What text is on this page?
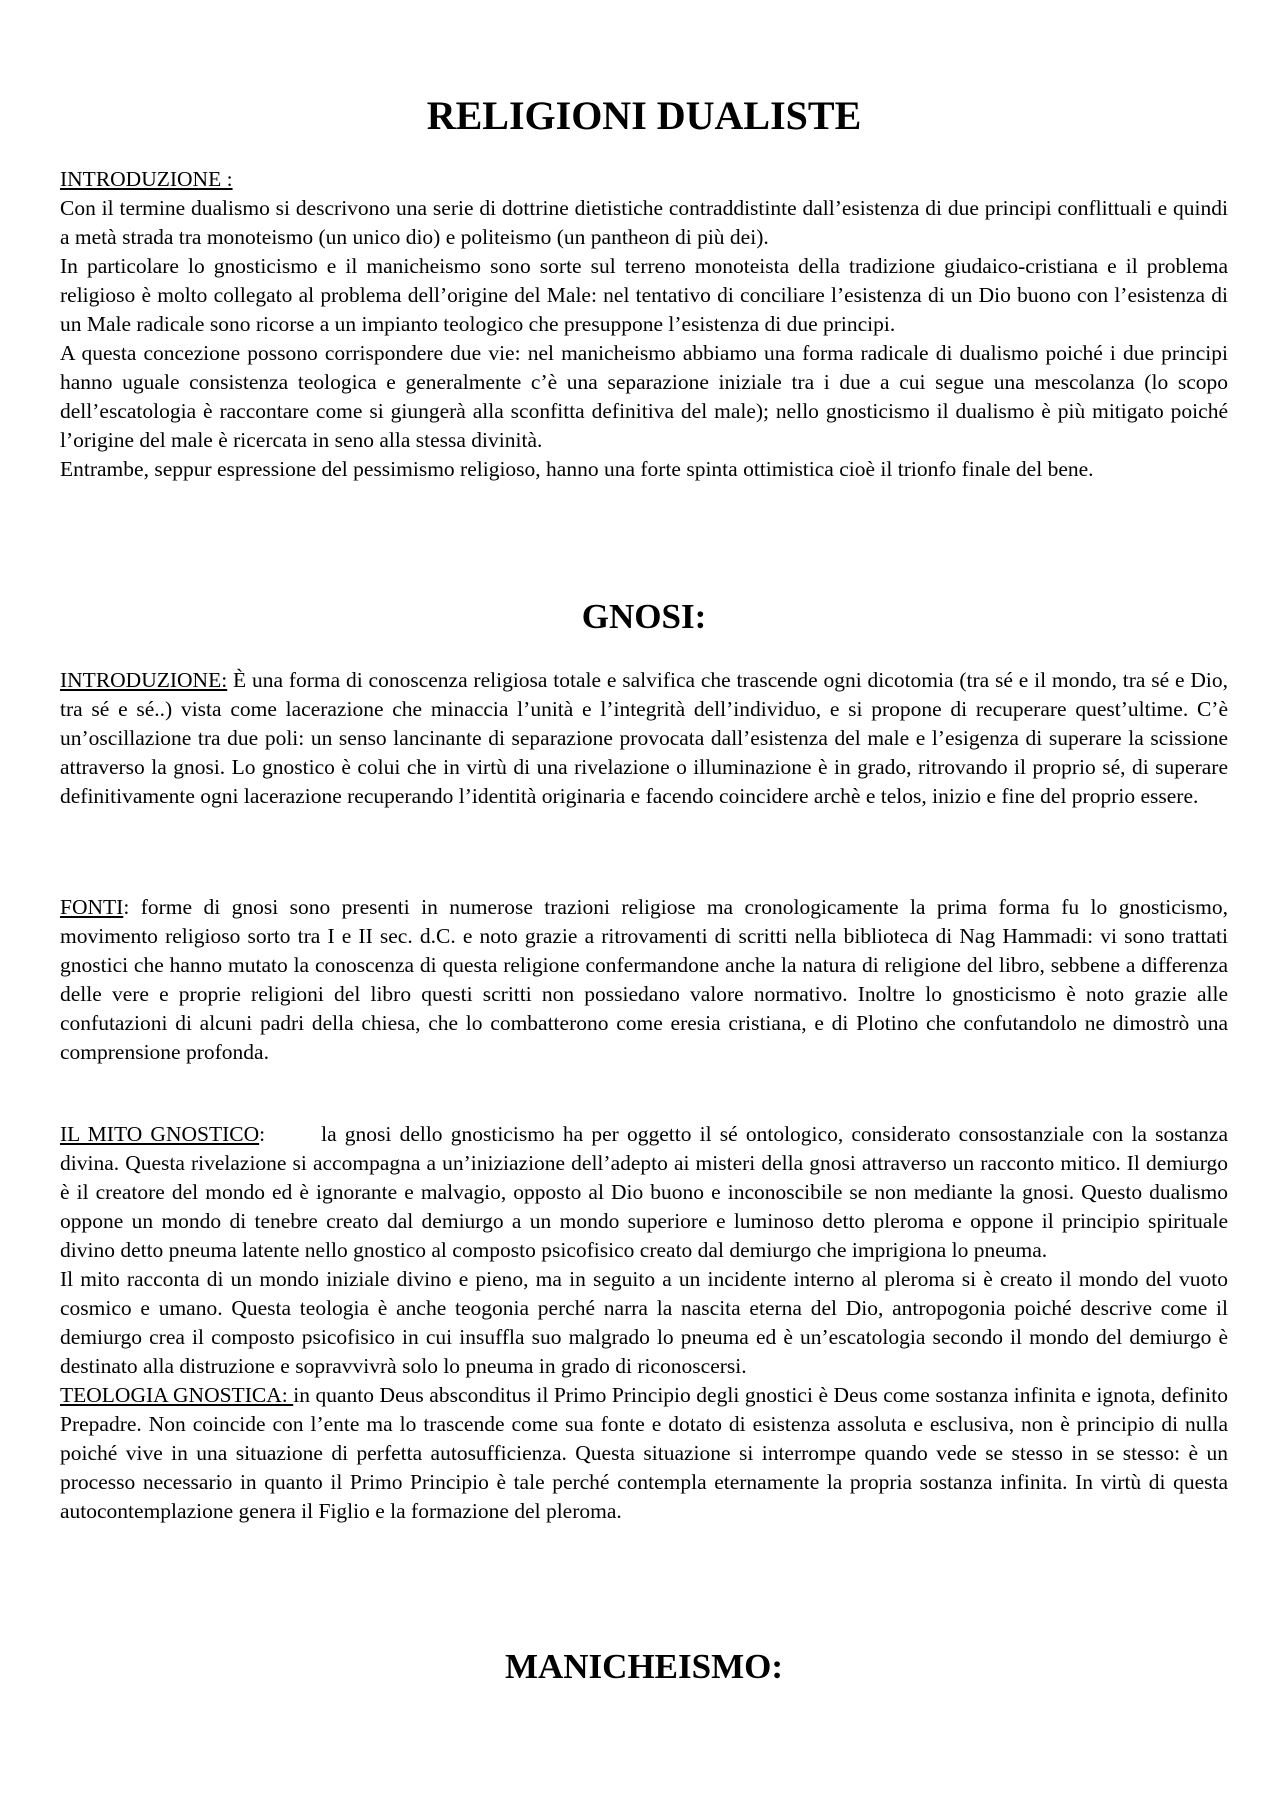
RELIGIONI DUALISTE

INTRODUZIONE :

Con il termine dualismo si descrivono una serie di dottrine dietistiche contraddistinte dall’esistenza di due principi conflittuali e quindi a metà strada tra monoteismo (un unico dio) e politeismo (un pantheon di più dei).

In particolare lo gnosticismo e il manicheismo sono sorte sul terreno monoteista della tradizione giudaico-cristiana e il problema religioso è molto collegato al problema dell’origine del Male: nel tentativo di conciliare l’esistenza di un Dio buono con l’esistenza di un Male radicale sono ricorse a un impianto teologico che presuppone l’esistenza di due principi.

A questa concezione possono corrispondere due vie: nel manicheismo abbiamo una forma radicale di dualismo poiché i due principi hanno uguale consistenza teologica e generalmente c’è una separazione iniziale tra i due a cui segue una mescolanza (lo scopo dell’escatologia è raccontare come si giungerà alla sconfitta definitiva del male); nello gnosticismo il dualismo è più mitigato poiché l’origine del male è ricercata in seno alla stessa divinità.

Entrambe, seppur espressione del pessimismo religioso, hanno una forte spinta ottimistica cioè il trionfo finale del bene.

GNOSI:

INTRODUZIONE: È una forma di conoscenza religiosa totale e salvifica che trascende ogni dicotomia (tra sé e il mondo, tra sé e Dio, tra sé e sé..) vista come lacerazione che minaccia l’unità e l’integrità dell’individuo, e si propone di recuperare quest’ultime. C’è un’oscillazione tra due poli: un senso lancinante di separazione provocata dall’esistenza del male e l’esigenza di superare la scissione attraverso la gnosi. Lo gnostico è colui che in virtù di una rivelazione o illuminazione è in grado, ritrovando il proprio sé, di superare definitivamente ogni lacerazione recuperando l’identità originaria e facendo coincidere archè e telos, inizio e fine del proprio essere.

FONTI: forme di gnosi sono presenti in numerose trazioni religiose ma cronologicamente la prima forma fu lo gnosticismo, movimento religioso sorto tra I e II sec. d.C. e noto grazie a ritrovamenti di scritti nella biblioteca di Nag Hammadi: vi sono trattati gnostici che hanno mutato la conoscenza di questa religione confermandone anche la natura di religione del libro, sebbene a differenza delle vere e proprie religioni del libro questi scritti non possiedano valore normativo. Inoltre lo gnosticismo è noto grazie alle confutazioni di alcuni padri della chiesa, che lo combatterono come eresia cristiana, e di Plotino che confutandolo ne dimostrò una comprensione profonda.

IL MITO GNOSTICO:	la gnosi dello gnosticismo ha per oggetto il sé ontologico, considerato consostanziale con la sostanza divina. Questa rivelazione si accompagna a un’iniziazione dell’adepto ai misteri della gnosi attraverso un racconto mitico. Il demiurgo è il creatore del mondo ed è ignorante e malvagio, opposto al Dio buono e inconoscibile se non mediante la gnosi. Questo dualismo oppone un mondo di tenebre creato dal demiurgo a un mondo superiore e luminoso detto pleroma e oppone il principio spirituale divino detto pneuma latente nello gnostico al composto psicofisico creato dal demiurgo che imprigiona lo pneuma.

Il mito racconta di un mondo iniziale divino e pieno, ma in seguito a un incidente interno al pleroma si è creato il mondo del vuoto cosmico e umano. Questa teologia è anche teogonia perché narra la nascita eterna del Dio, antropogonia poiché descrive come il demiurgo crea il composto psicofisico in cui insuffla suo malgrado lo pneuma ed è un’escatologia secondo il mondo del demiurgo è destinato alla distruzione e sopravvivrà solo lo pneuma in grado di riconoscersi.

TEOLOGIA GNOSTICA: in quanto Deus absconditus il Primo Principio degli gnostici è Deus come sostanza infinita e ignota, definito Prepadre. Non coincide con l’ente ma lo trascende come sua fonte e dotato di esistenza assoluta e esclusiva, non è principio di nulla poiché vive in una situazione di perfetta autosufficienza. Questa situazione si interrompe quando vede se stesso in se stesso: è un processo necessario in quanto il Primo Principio è tale perché contempla eternamente la propria sostanza infinita. In virtù di questa autocontemplazione genera il Figlio e la formazione del pleroma.

MANICHEISMO:
